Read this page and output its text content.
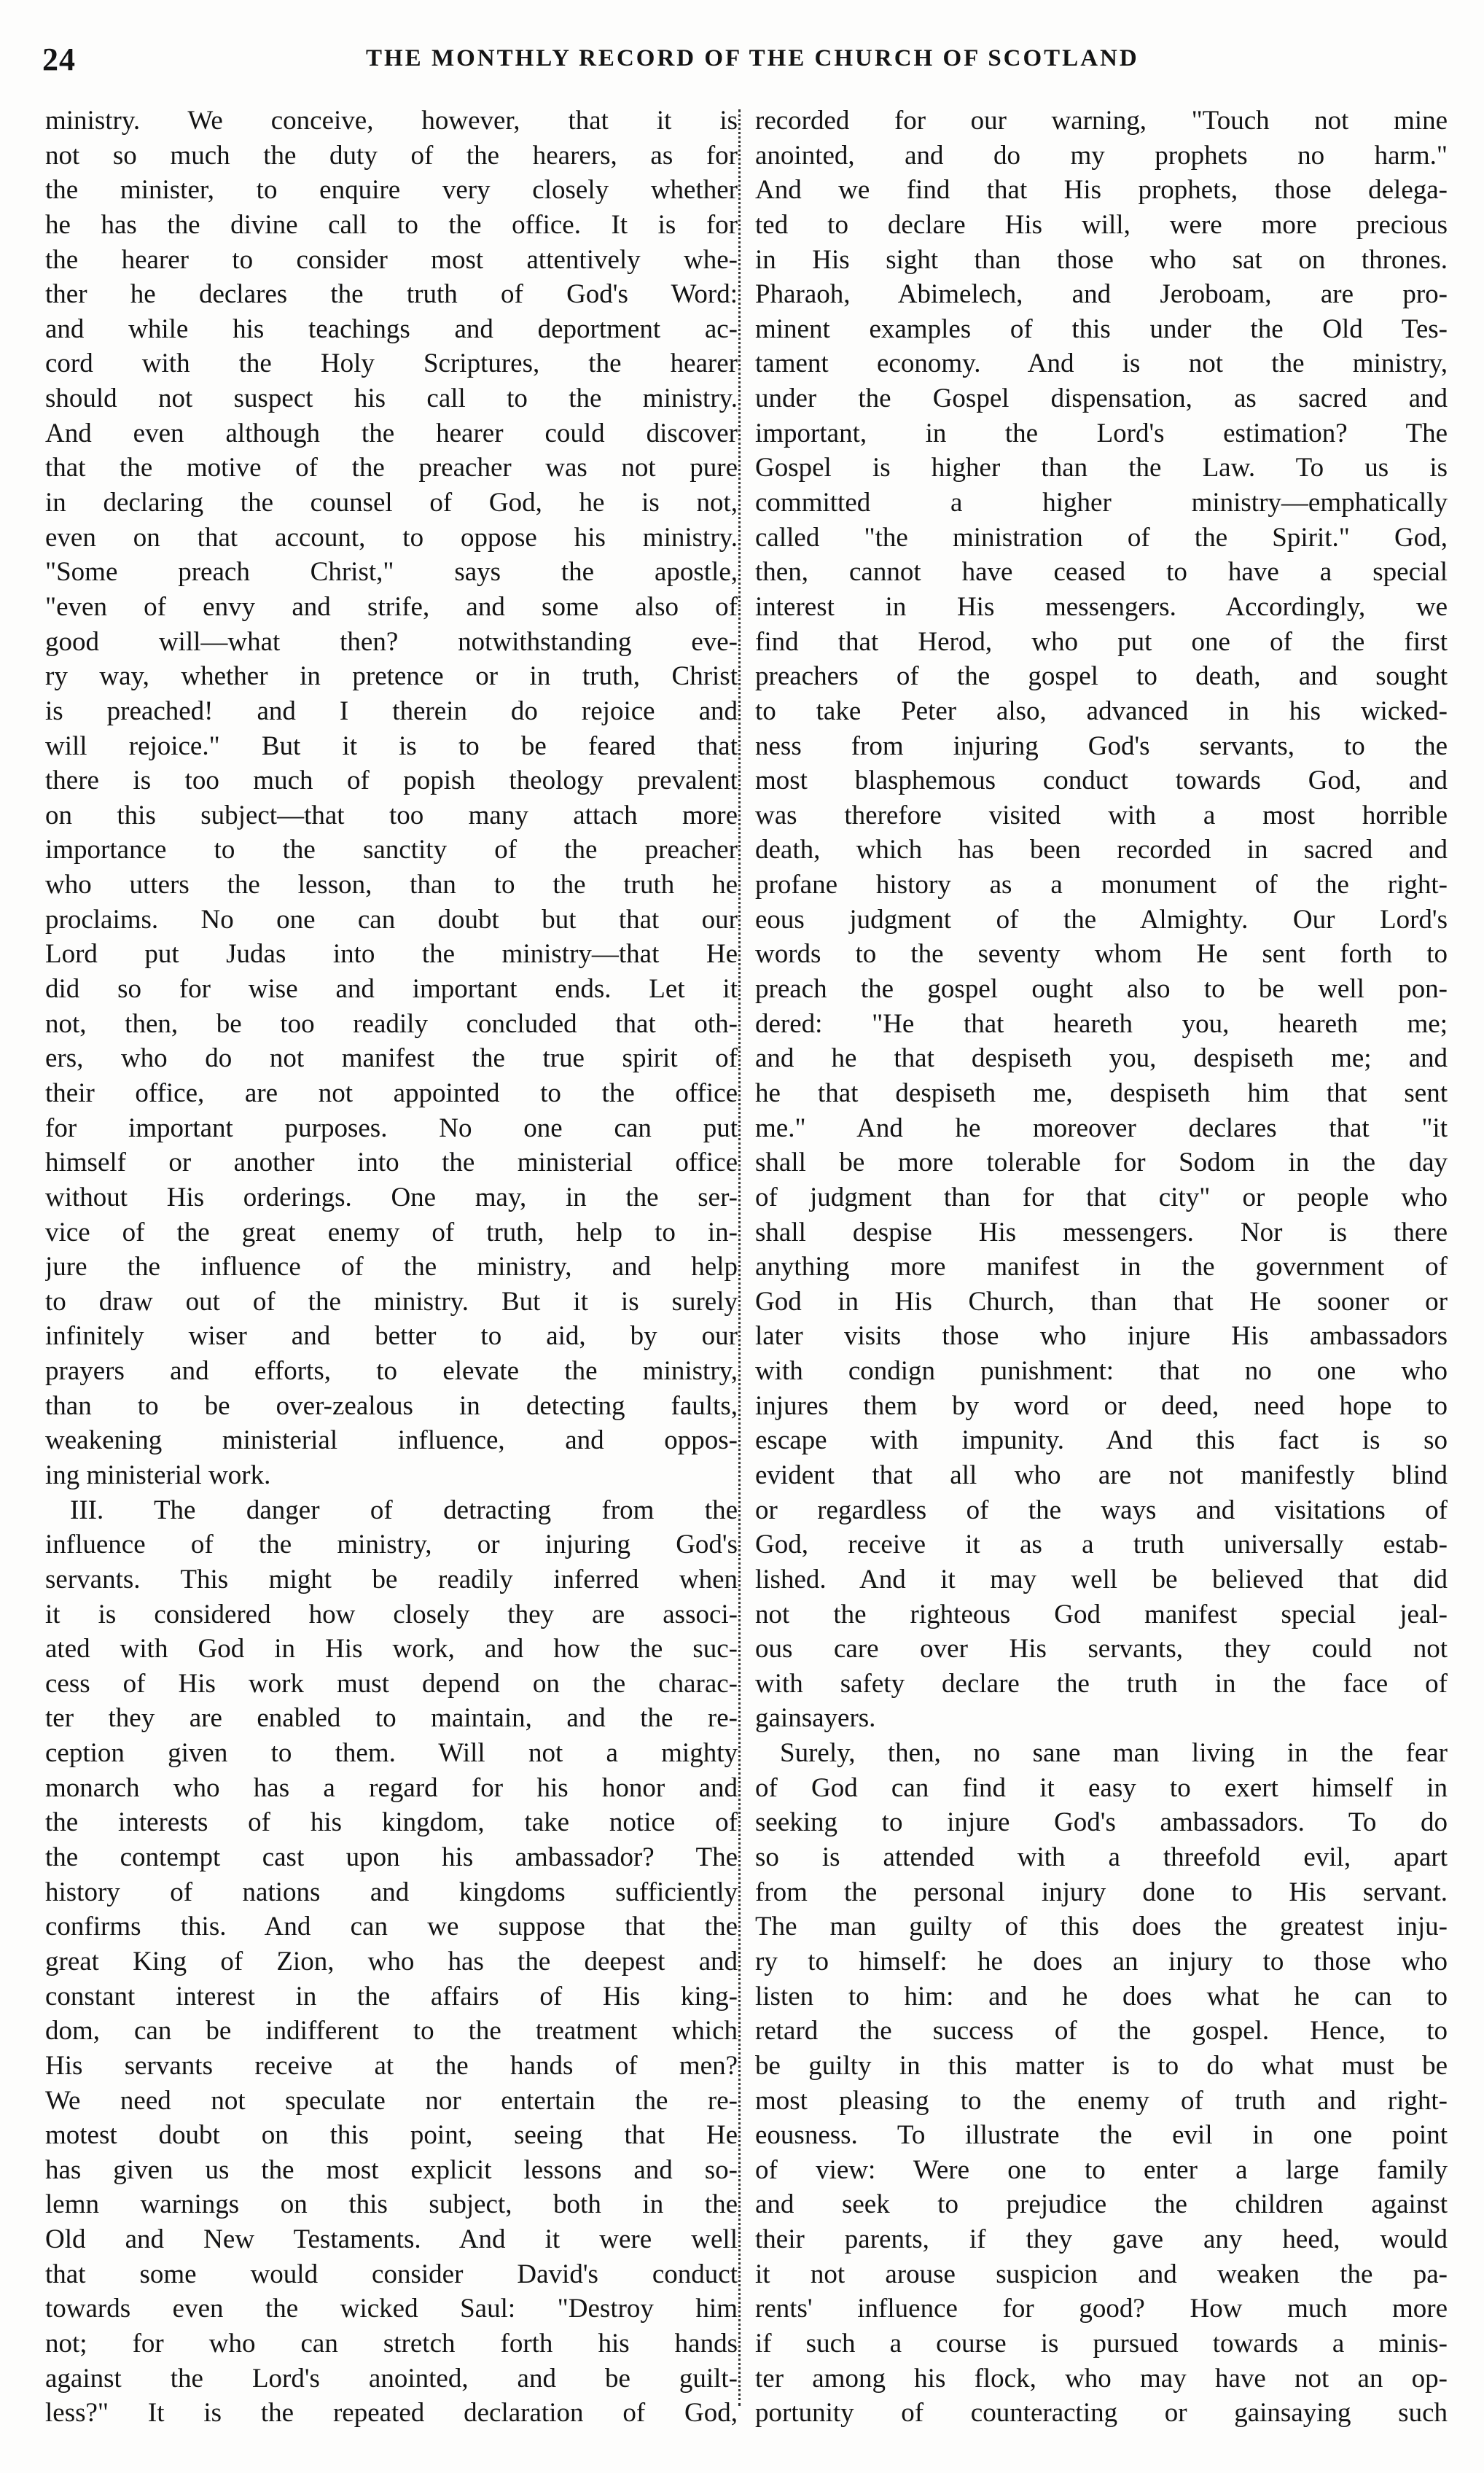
24	THE MONTHLY RECORD OF THE CHURCH OF SCOTLAND
ministry. We conceive, however, that it is
not so much the duty of the hearers, as for
the minister, to enquire very closely whether
he has the divine call to the office. It is for
the hearer to consider most attentively whe-
ther he declares the truth of God's Word:
and while his teachings and deportment ac-
cord with the Holy Scriptures, the hearer
should not suspect his call to the ministry.
And even although the hearer could discover
that the motive of the preacher was not pure
in declaring the counsel of God, he is not,
even on that account, to oppose his ministry.
"Some preach Christ," says the apostle,
"even of envy and strife, and some also of
good will—what then? notwithstanding eve-
ry way, whether in pretence or in truth, Christ
is preached! and I therein do rejoice and
will rejoice." But it is to be feared that
there is too much of popish theology prevalent
on this subject—that too many attach more
importance to the sanctity of the preacher
who utters the lesson, than to the truth he
proclaims. No one can doubt but that our
Lord put Judas into the ministry—that He
did so for wise and important ends. Let it
not, then, be too readily concluded that oth-
ers, who do not manifest the true spirit of
their office, are not appointed to the office
for important purposes. No one can put
himself or another into the ministerial office
without His orderings. One may, in the ser-
vice of the great enemy of truth, help to in-
jure the influence of the ministry, and help
to draw out of the ministry. But it is surely
infinitely wiser and better to aid, by our
prayers and efforts, to elevate the ministry,
than to be over-zealous in detecting faults,
weakening ministerial influence, and oppos-
ing ministerial work.
III. The danger of detracting from the
influence of the ministry, or injuring God's
servants. This might be readily inferred when
it is considered how closely they are associ-
ated with God in His work, and how the suc-
cess of His work must depend on the charac-
ter they are enabled to maintain, and the re-
ception given to them. Will not a mighty
monarch who has a regard for his honor and
the interests of his kingdom, take notice of
the contempt cast upon his ambassador? The
history of nations and kingdoms sufficiently
confirms this. And can we suppose that the
great King of Zion, who has the deepest and
constant interest in the affairs of His king-
dom, can be indifferent to the treatment which
His servants receive at the hands of men?
We need not speculate nor entertain the re-
motest doubt on this point, seeing that He
has given us the most explicit lessons and so-
lemn warnings on this subject, both in the
Old and New Testaments. And it were well
that some would consider David's conduct
towards even the wicked Saul: "Destroy him
not; for who can stretch forth his hands
against the Lord's anointed, and be guilt-
less?" It is the repeated declaration of God,
recorded for our warning, "Touch not mine
anointed, and do my prophets no harm."
And we find that His prophets, those delega-
ted to declare His will, were more precious
in His sight than those who sat on thrones.
Pharaoh, Abimelech, and Jeroboam, are pro-
minent examples of this under the Old Tes-
tament economy. And is not the ministry,
under the Gospel dispensation, as sacred and
important, in the Lord's estimation? The
Gospel is higher than the Law. To us is
committed a higher ministry—emphatically
called "the ministration of the Spirit." God,
then, cannot have ceased to have a special
interest in His messengers. Accordingly, we
find that Herod, who put one of the first
preachers of the gospel to death, and sought
to take Peter also, advanced in his wicked-
ness from injuring God's servants, to the
most blasphemous conduct towards God, and
was therefore visited with a most horrible
death, which has been recorded in sacred and
profane history as a monument of the right-
eous judgment of the Almighty. Our Lord's
words to the seventy whom He sent forth to
preach the gospel ought also to be well pon-
dered: "He that heareth you, heareth me;
and he that despiseth you, despiseth me; and
he that despiseth me, despiseth him that sent
me." And he moreover declares that "it
shall be more tolerable for Sodom in the day
of judgment than for that city" or people who
shall despise His messengers. Nor is there
anything more manifest in the government of
God in His Church, than that He sooner or
later visits those who injure His ambassadors
with condign punishment: that no one who
injures them by word or deed, need hope to
escape with impunity. And this fact is so
evident that all who are not manifestly blind
or regardless of the ways and visitations of
God, receive it as a truth universally estab-
lished. And it may well be believed that did
not the righteous God manifest special jeal-
ous care over His servants, they could not
with safety declare the truth in the face of
gainsayers.
Surely, then, no sane man living in the fear
of God can find it easy to exert himself in
seeking to injure God's ambassadors. To do
so is attended with a threefold evil, apart
from the personal injury done to His servant.
The man guilty of this does the greatest inju-
ry to himself: he does an injury to those who
listen to him: and he does what he can to
retard the success of the gospel. Hence, to
be guilty in this matter is to do what must be
most pleasing to the enemy of truth and right-
eousness. To illustrate the evil in one point
of view: Were one to enter a large family
and seek to prejudice the children against
their parents, if they gave any heed, would
it not arouse suspicion and weaken the pa-
rents' influence for good? How much more
if such a course is pursued towards a minis-
ter among his flock, who may have not an op-
portunity of counteracting or gainsaying such
